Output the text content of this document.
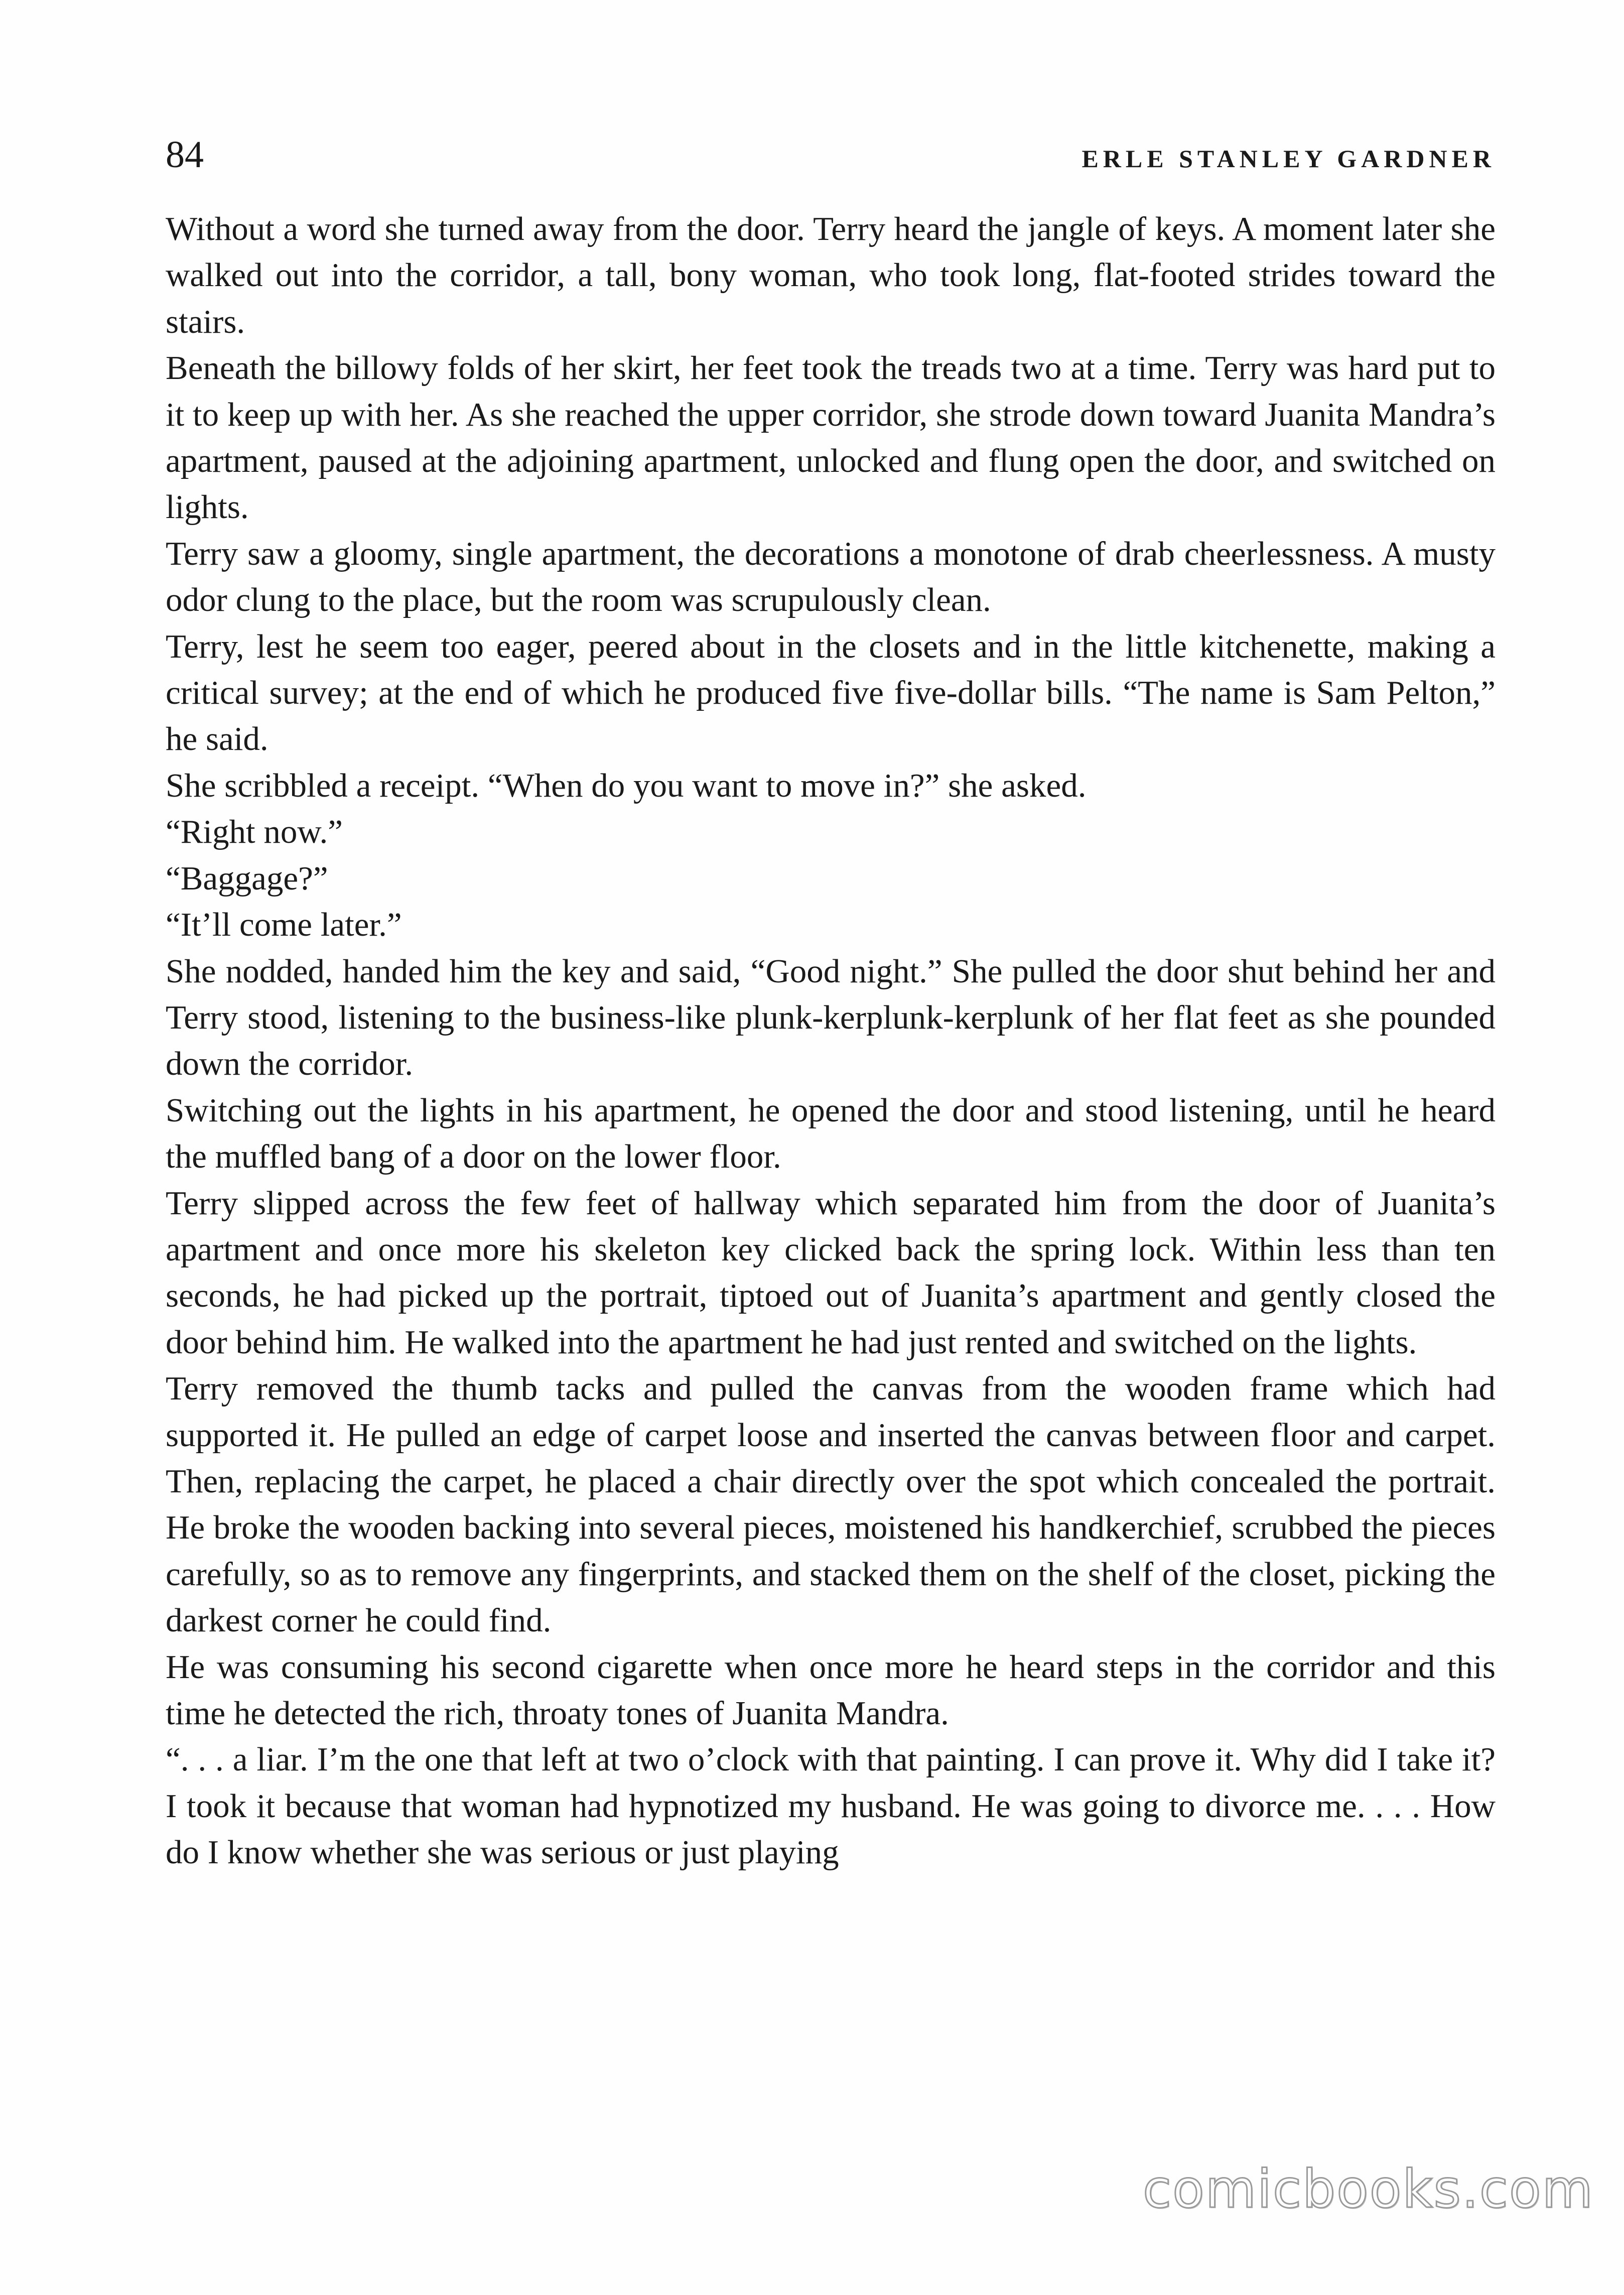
84	ERLE STANLEY GARDNER

Without a word she turned away from the door. Terry heard the jangle of keys. A moment later she walked out into the corridor, a tall, bony woman, who took long, flat-footed strides toward the stairs.

Beneath the billowy folds of her skirt, her feet took the treads two at a time. Terry was hard put to it to keep up with her. As she reached the upper corridor, she strode down toward Juanita Mandra’s apartment, paused at the adjoining apartment, unlocked and flung open the door, and switched on lights.

Terry saw a gloomy, single apartment, the decorations a monotone of drab cheerlessness. A musty odor clung to the place, but the room was scrupulously clean.

Terry, lest he seem too eager, peered about in the closets and in the little kitchenette, making a critical survey; at the end of which he produced five five-dollar bills. “The name is Sam Pelton,” he said.

She scribbled a receipt. “When do you want to move in?” she asked.

“Right now.”

“Baggage?”

“It’ll come later.”

She nodded, handed him the key and said, “Good night.” She pulled the door shut behind her and Terry stood, listening to the business-like plunk-kerplunk-kerplunk of her flat feet as she pounded down the corridor.

Switching out the lights in his apartment, he opened the door and stood listening, until he heard the muffled bang of a door on the lower floor.

Terry slipped across the few feet of hallway which separated him from the door of Juanita’s apartment and once more his skeleton key clicked back the spring lock. Within less than ten seconds, he had picked up the portrait, tiptoed out of Juanita’s apartment and gently closed the door behind him. He walked into the apartment he had just rented and switched on the lights.

Terry removed the thumb tacks and pulled the canvas from the wooden frame which had supported it. He pulled an edge of carpet loose and inserted the canvas between floor and carpet. Then, replacing the carpet, he placed a chair directly over the spot which concealed the portrait. He broke the wooden backing into several pieces, moistened his handkerchief, scrubbed the pieces carefully, so as to remove any fingerprints, and stacked them on the shelf of the closet, picking the darkest corner he could find.

He was consuming his second cigarette when once more he heard steps in the corridor and this time he detected the rich, throaty tones of Juanita Mandra.

“. . . a liar. I’m the one that left at two o’clock with that painting. I can prove it. Why did I take it? I took it because that woman had hypnotized my husband. He was going to divorce me. . . . How do I know whether she was serious or just playing

comicbooks.com
